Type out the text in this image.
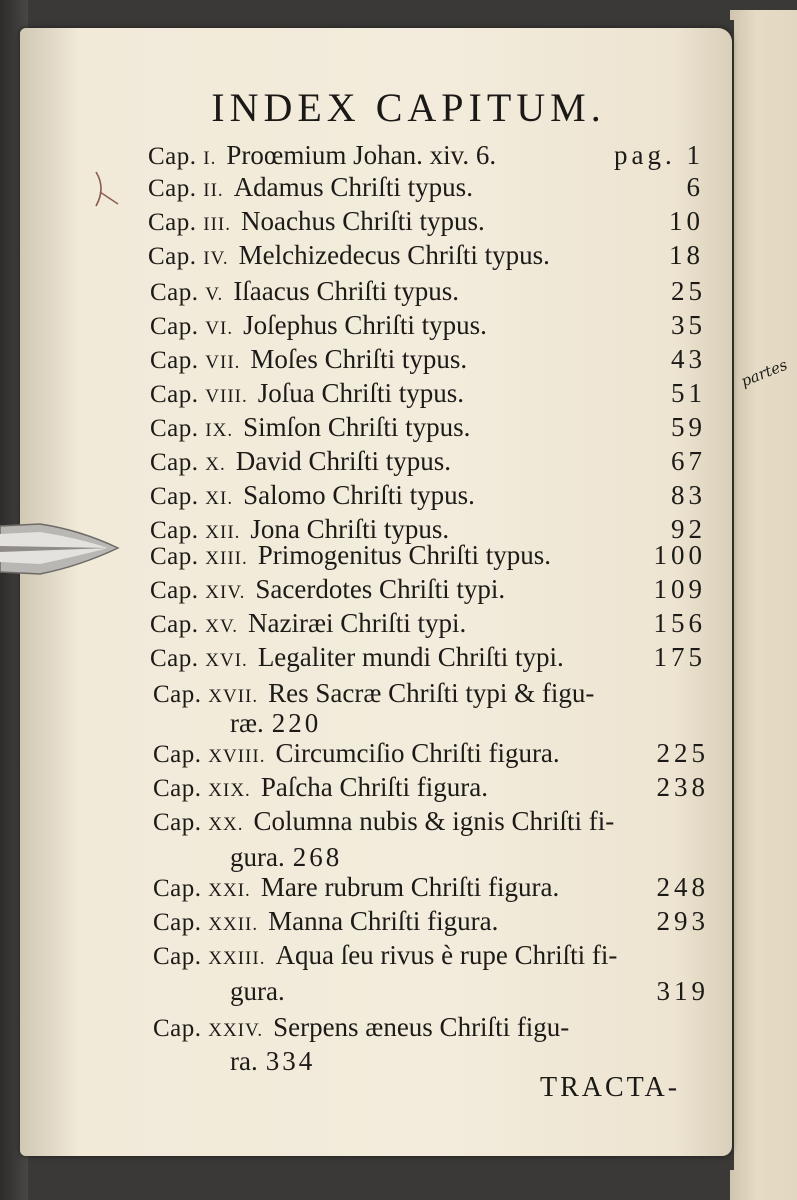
partes
INDEX CAPITUM.
Cap. I. Proœmium Johan. xiv. 6.	pag. 1
Cap. II. Adamus Chriſti typus.	6
Cap. III. Noachus Chriſti typus.	10
Cap. IV. Melchizedecus Chriſti typus.	18
Cap. V. Iſaacus Chriſti typus.	25
Cap. VI. Joſephus Chriſti typus.	35
Cap. VII. Moſes Chriſti typus.	43
Cap. VIII. Joſua Chriſti typus.	51
Cap. IX. Simſon Chriſti typus.	59
Cap. X. David Chriſti typus.	67
Cap. XI. Salomo Chriſti typus.	83
Cap. XII. Jona Chriſti typus.	92
Cap. XIII. Primogenitus Chriſti typus.	100
Cap. XIV. Sacerdotes Chriſti typi.	109
Cap. XV. Naziræi Chriſti typi.	156
Cap. XVI. Legaliter mundi Chriſti typi.	175
Cap. XVII. Res Sacræ Chriſti typi & figu-
ræ. 220
Cap. XVIII. Circumciſio Chriſti figura.	225
Cap. XIX. Paſcha Chriſti figura.	238
Cap. XX. Columna nubis & ignis Chriſti fi-
gura. 268
Cap. XXI. Mare rubrum Chriſti figura.	248
Cap. XXII. Manna Chriſti figura.	293
Cap. XXIII. Aqua ſeu rivus è rupe Chriſti fi-
gura.	319
Cap. XXIV. Serpens æneus Chriſti figu-
ra. 334
TRACTA-
